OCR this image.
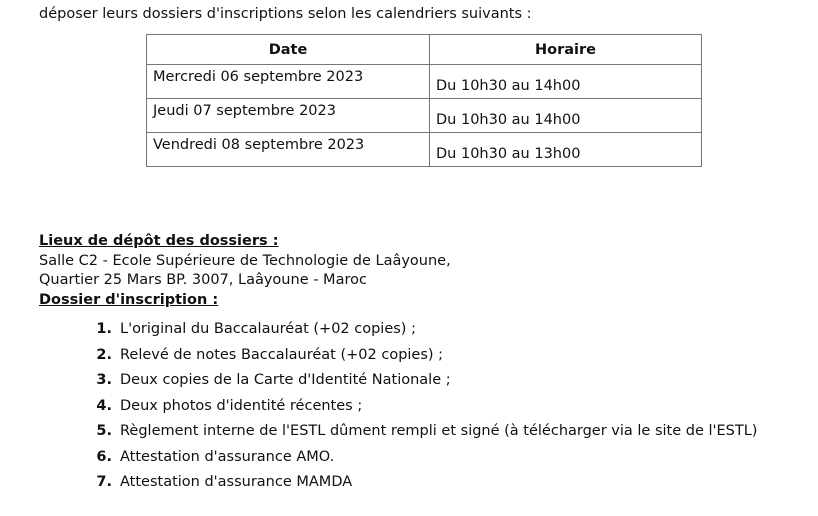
déposer leurs dossiers d'inscriptions selon les calendriers suivants :

Date	Horaire
Mercredi 06 septembre 2023	Du 10h30 au 14h00
Jeudi 07 septembre 2023	Du 10h30 au 14h00
Vendredi 08 septembre 2023	Du 10h30 au 13h00

Lieux de dépôt des dossiers :

Salle C2 - Ecole Supérieure de Technologie de Laâyoune,

Quartier 25 Mars BP. 3007, Laâyoune - Maroc

Dossier d'inscription :

1. L'original du Baccalauréat (+02 copies) ;
2. Relevé de notes Baccalauréat (+02 copies) ;
3. Deux copies de la Carte d'Identité Nationale ;
4. Deux photos d'identité récentes ;
5. Règlement interne de l'ESTL dûment rempli et signé (à télécharger via le site de l'ESTL)
6. Attestation d'assurance AMO.
7. Attestation d'assurance MAMDA
